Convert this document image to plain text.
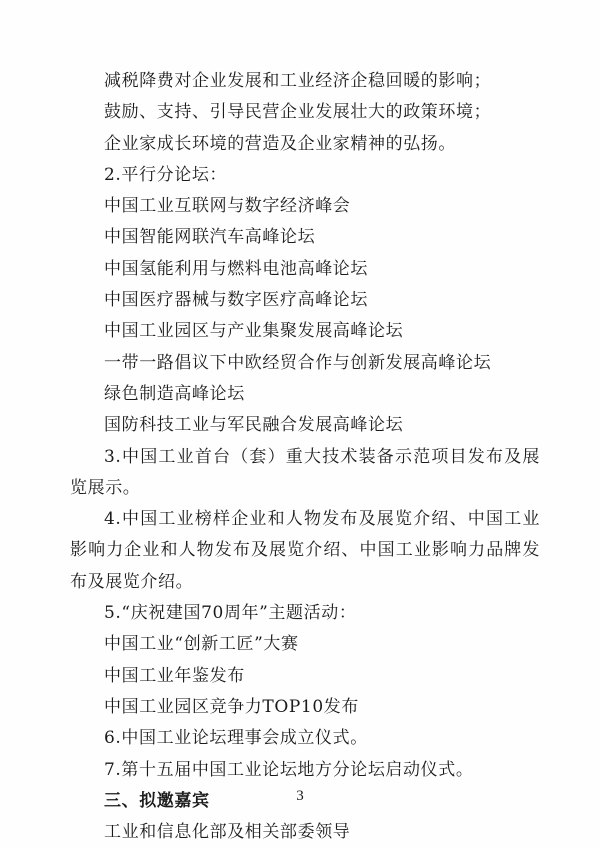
减税降费对企业发展和工业经济企稳回暖的影响；
鼓励、支持、引导民营企业发展壮大的政策环境；
企业家成长环境的营造及企业家精神的弘扬。
2.平行分论坛：
中国工业互联网与数字经济峰会
中国智能网联汽车高峰论坛
中国氢能利用与燃料电池高峰论坛
中国医疗器械与数字医疗高峰论坛
中国工业园区与产业集聚发展高峰论坛
一带一路倡议下中欧经贸合作与创新发展高峰论坛
绿色制造高峰论坛
国防科技工业与军民融合发展高峰论坛
3.中国工业首台（套）重大技术装备示范项目发布及展览展示。
4.中国工业榜样企业和人物发布及展览介绍、中国工业影响力企业和人物发布及展览介绍、中国工业影响力品牌发布及展览介绍。
5.“庆祝建国70周年”主题活动：
中国工业“创新工匠”大赛
中国工业年鉴发布
中国工业园区竞争力TOP10发布
6.中国工业论坛理事会成立仪式。
7.第十五届中国工业论坛地方分论坛启动仪式。
三、拟邀嘉宾
工业和信息化部及相关部委领导
3
